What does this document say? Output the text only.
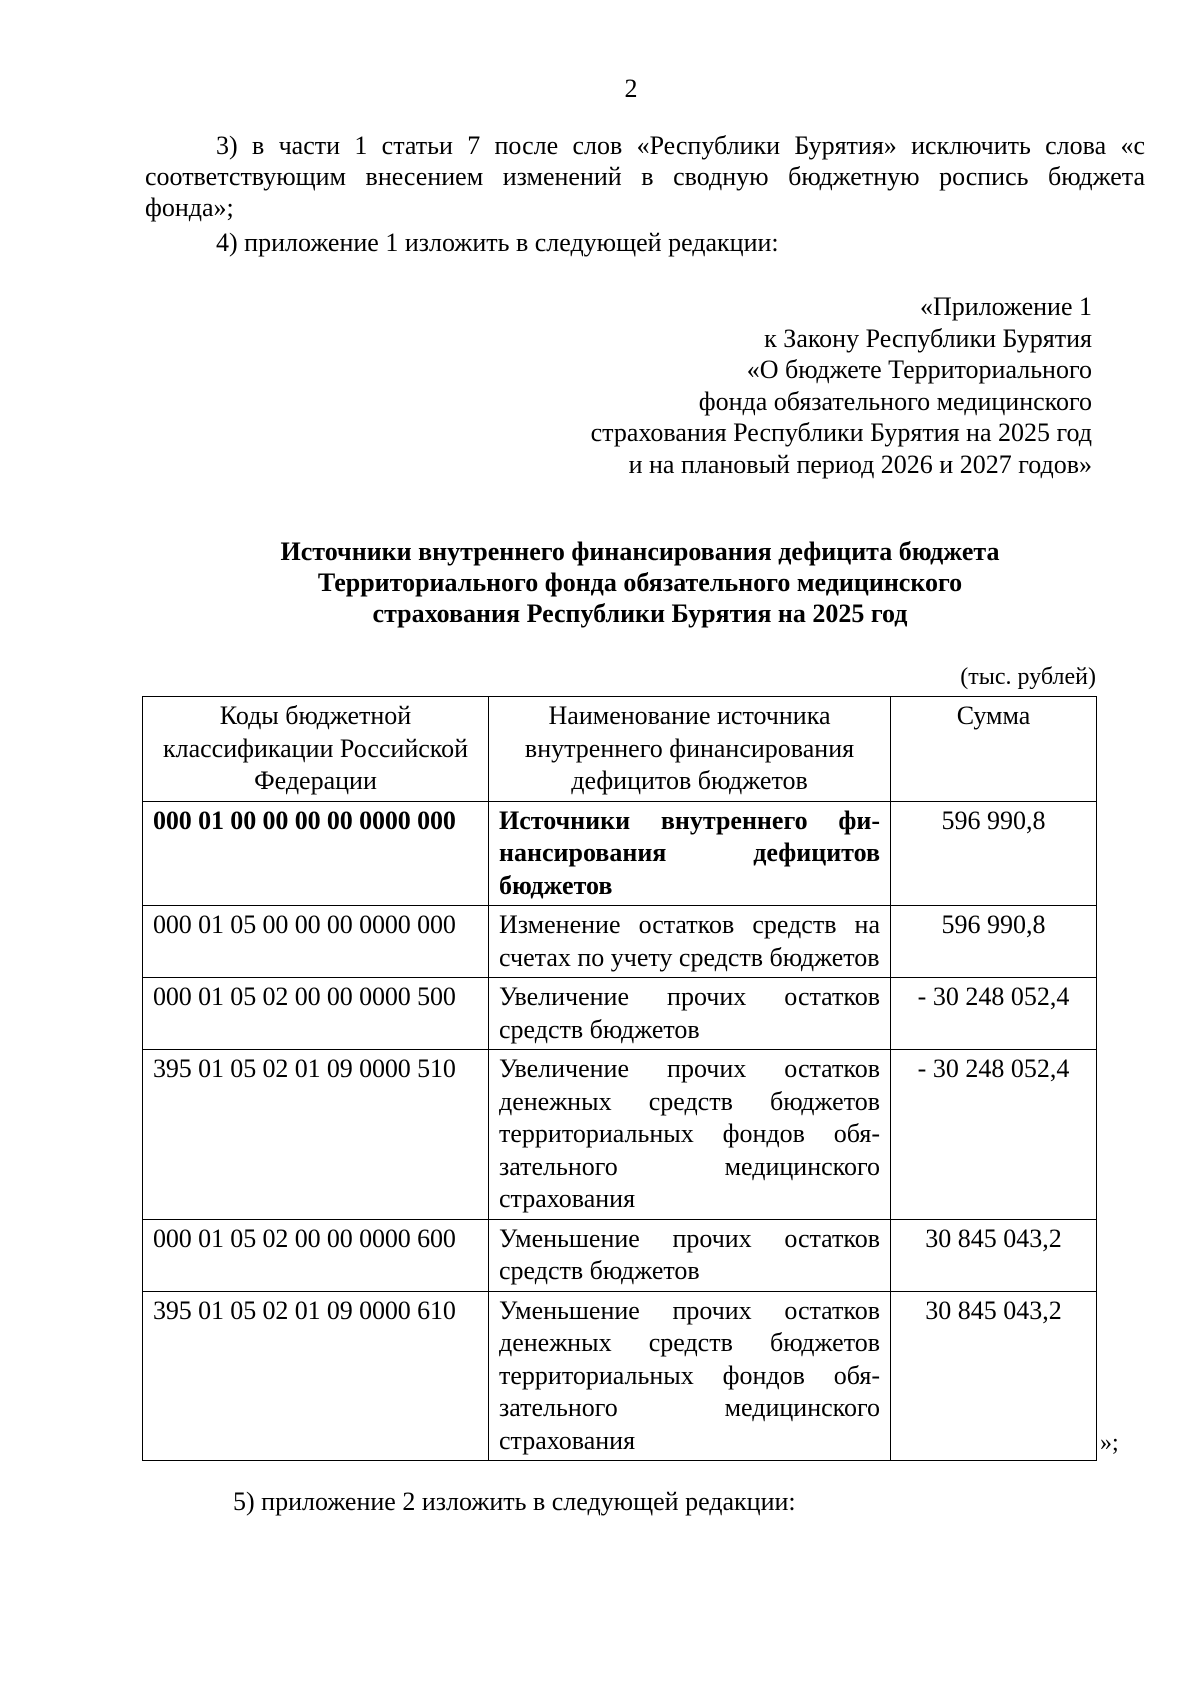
2
3) в части 1 статьи 7 после слов «Республики Бурятия» исключить слова «с соответствующим внесением изменений в сводную бюджетную роспись бюджета фонда»;
4) приложение 1 изложить в следующей редакции:
«Приложение 1
к Закону Республики Бурятия
«О бюджете Территориального
фонда обязательного медицинского
страхования Республики Бурятия на 2025 год
и на плановый период 2026 и 2027 годов»
Источники внутреннего финансирования дефицита бюджета
Территориального фонда обязательного медицинского
страхования Республики Бурятия на 2025 год
(тыс. рублей)
Коды бюджетной классификации Российской Федерации	Наименование источника внутреннего финансирования дефицитов бюджетов	Сумма
000 01 00 00 00 00 0000 000	Источники внутреннего финансирования дефицитов бюджетов	596 990,8
000 01 05 00 00 00 0000 000	Изменение остатков средств на счетах по учету средств бюджетов	596 990,8
000 01 05 02 00 00 0000 500	Увеличение прочих остатков средств бюджетов	- 30 248 052,4
395 01 05 02 01 09 0000 510	Увеличение прочих остатков денежных средств бюджетов территориальных фондов обязательного медицинского страхования	- 30 248 052,4
000 01 05 02 00 00 0000 600	Уменьшение прочих остатков средств бюджетов	30 845 043,2
395 01 05 02 01 09 0000 610	Уменьшение прочих остатков денежных средств бюджетов территориальных фондов обязательного медицинского страхования	30 845 043,2
»;
5) приложение 2 изложить в следующей редакции:
